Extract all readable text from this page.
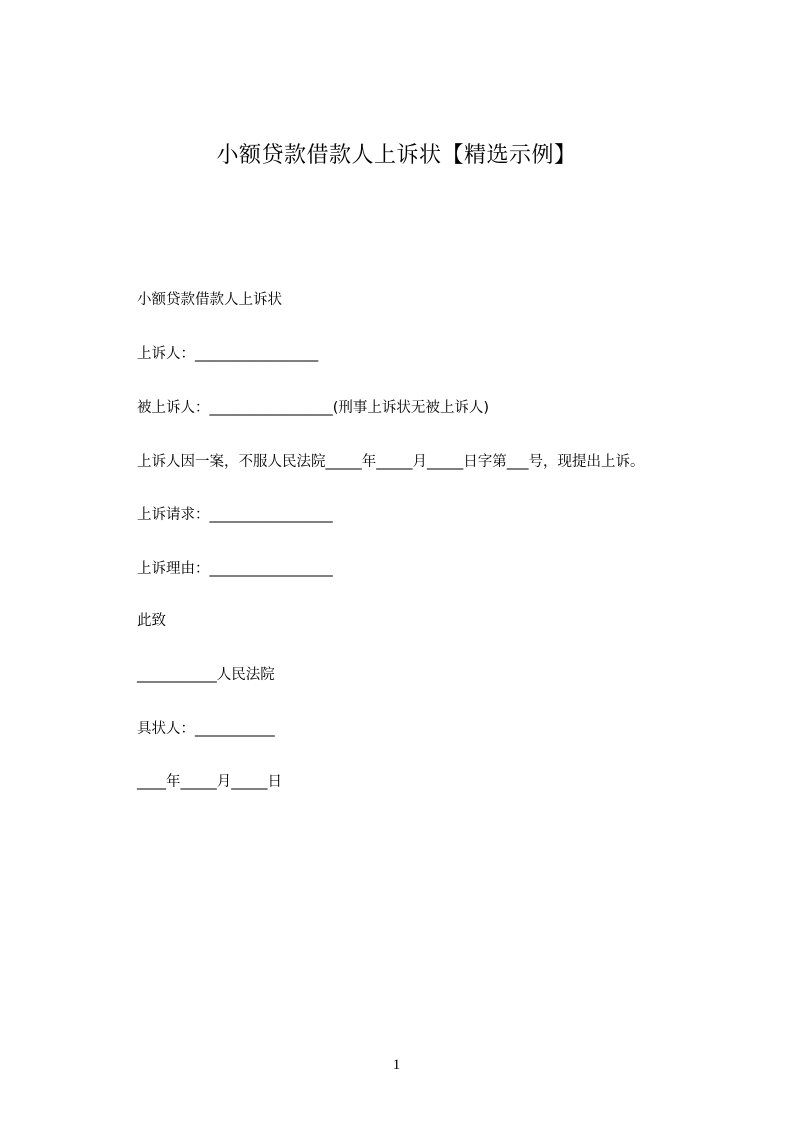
小额贷款借款人上诉状【精选示例】
小额贷款借款人上诉状
上诉人：_________________
被上诉人：_________________(刑事上诉状无被上诉人)
上诉人因一案，不服人民法院_____年_____月_____日字第___号，现提出上诉。
上诉请求：_________________
上诉理由：_________________
此致
___________人民法院
具状人：___________
____年_____月_____日
1
